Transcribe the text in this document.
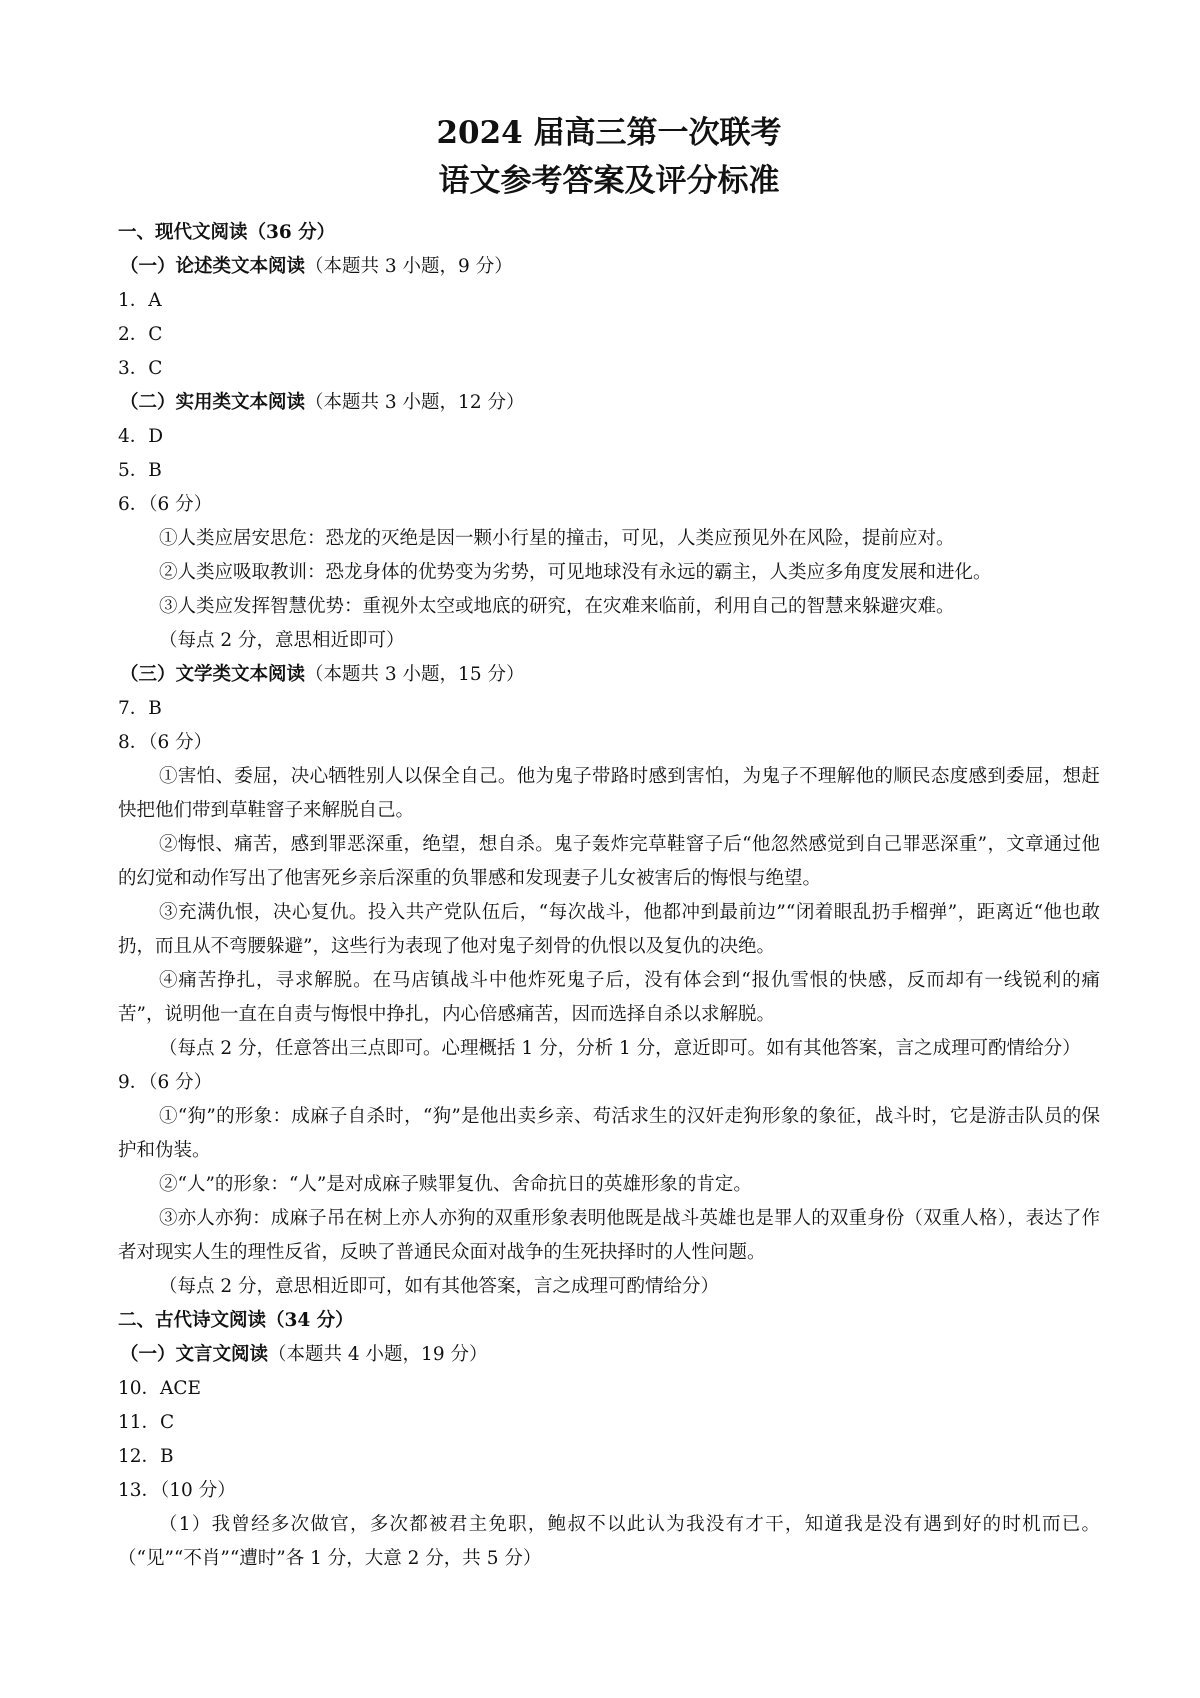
2024 届高三第一次联考
语文参考答案及评分标准
一、现代文阅读（36 分）
（一）论述类文本阅读（本题共 3 小题，9 分）
1．A
2．C
3．C
（二）实用类文本阅读（本题共 3 小题，12 分）
4．D
5．B
6．（6 分）

①人类应居安思危：恐龙的灭绝是因一颗小行星的撞击，可见，人类应预见外在风险，提前应对。

②人类应吸取教训：恐龙身体的优势变为劣势，可见地球没有永远的霸主，人类应多角度发展和进化。

③人类应发挥智慧优势：重视外太空或地底的研究，在灾难来临前，利用自己的智慧来躲避灾难。

（每点 2 分，意思相近即可）
（三）文学类文本阅读（本题共 3 小题，15 分）
7．B
8．（6 分）

①害怕、委屈，决心牺牲别人以保全自己。他为鬼子带路时感到害怕，为鬼子不理解他的顺民态度感到委屈，想赶快把他们带到草鞋窨子来解脱自己。

②悔恨、痛苦，感到罪恶深重，绝望，想自杀。鬼子轰炸完草鞋窨子后“他忽然感觉到自己罪恶深重”，文章通过他的幻觉和动作写出了他害死乡亲后深重的负罪感和发现妻子儿女被害后的悔恨与绝望。

③充满仇恨，决心复仇。投入共产党队伍后，“每次战斗，他都冲到最前边”“闭着眼乱扔手榴弹”，距离近“他也敢扔，而且从不弯腰躲避”，这些行为表现了他对鬼子刻骨的仇恨以及复仇的决绝。

④痛苦挣扎，寻求解脱。在马店镇战斗中他炸死鬼子后，没有体会到“报仇雪恨的快感，反而却有一线锐利的痛苦”，说明他一直在自责与悔恨中挣扎，内心倍感痛苦，因而选择自杀以求解脱。

（每点 2 分，任意答出三点即可。心理概括 1 分，分析 1 分，意近即可。如有其他答案，言之成理可酌情给分）

9．（6 分）

①“狗”的形象：成麻子自杀时，“狗”是他出卖乡亲、苟活求生的汉奸走狗形象的象征，战斗时，它是游击队员的保护和伪装。

②“人”的形象：“人”是对成麻子赎罪复仇、舍命抗日的英雄形象的肯定。

③亦人亦狗：成麻子吊在树上亦人亦狗的双重形象表明他既是战斗英雄也是罪人的双重身份（双重人格），表达了作者对现实人生的理性反省，反映了普通民众面对战争的生死抉择时的人性问题。

（每点 2 分，意思相近即可，如有其他答案，言之成理可酌情给分）
二、古代诗文阅读（34 分）
（一）文言文阅读（本题共 4 小题，19 分）
10．ACE
11．C
12．B
13．（10 分）

（1）我曾经多次做官，多次都被君主免职，鲍叔不以此认为我没有才干，知道我是没有遇到好的时机而已。（“见”“不肖”“遭时”各 1 分，大意 2 分，共 5 分）
